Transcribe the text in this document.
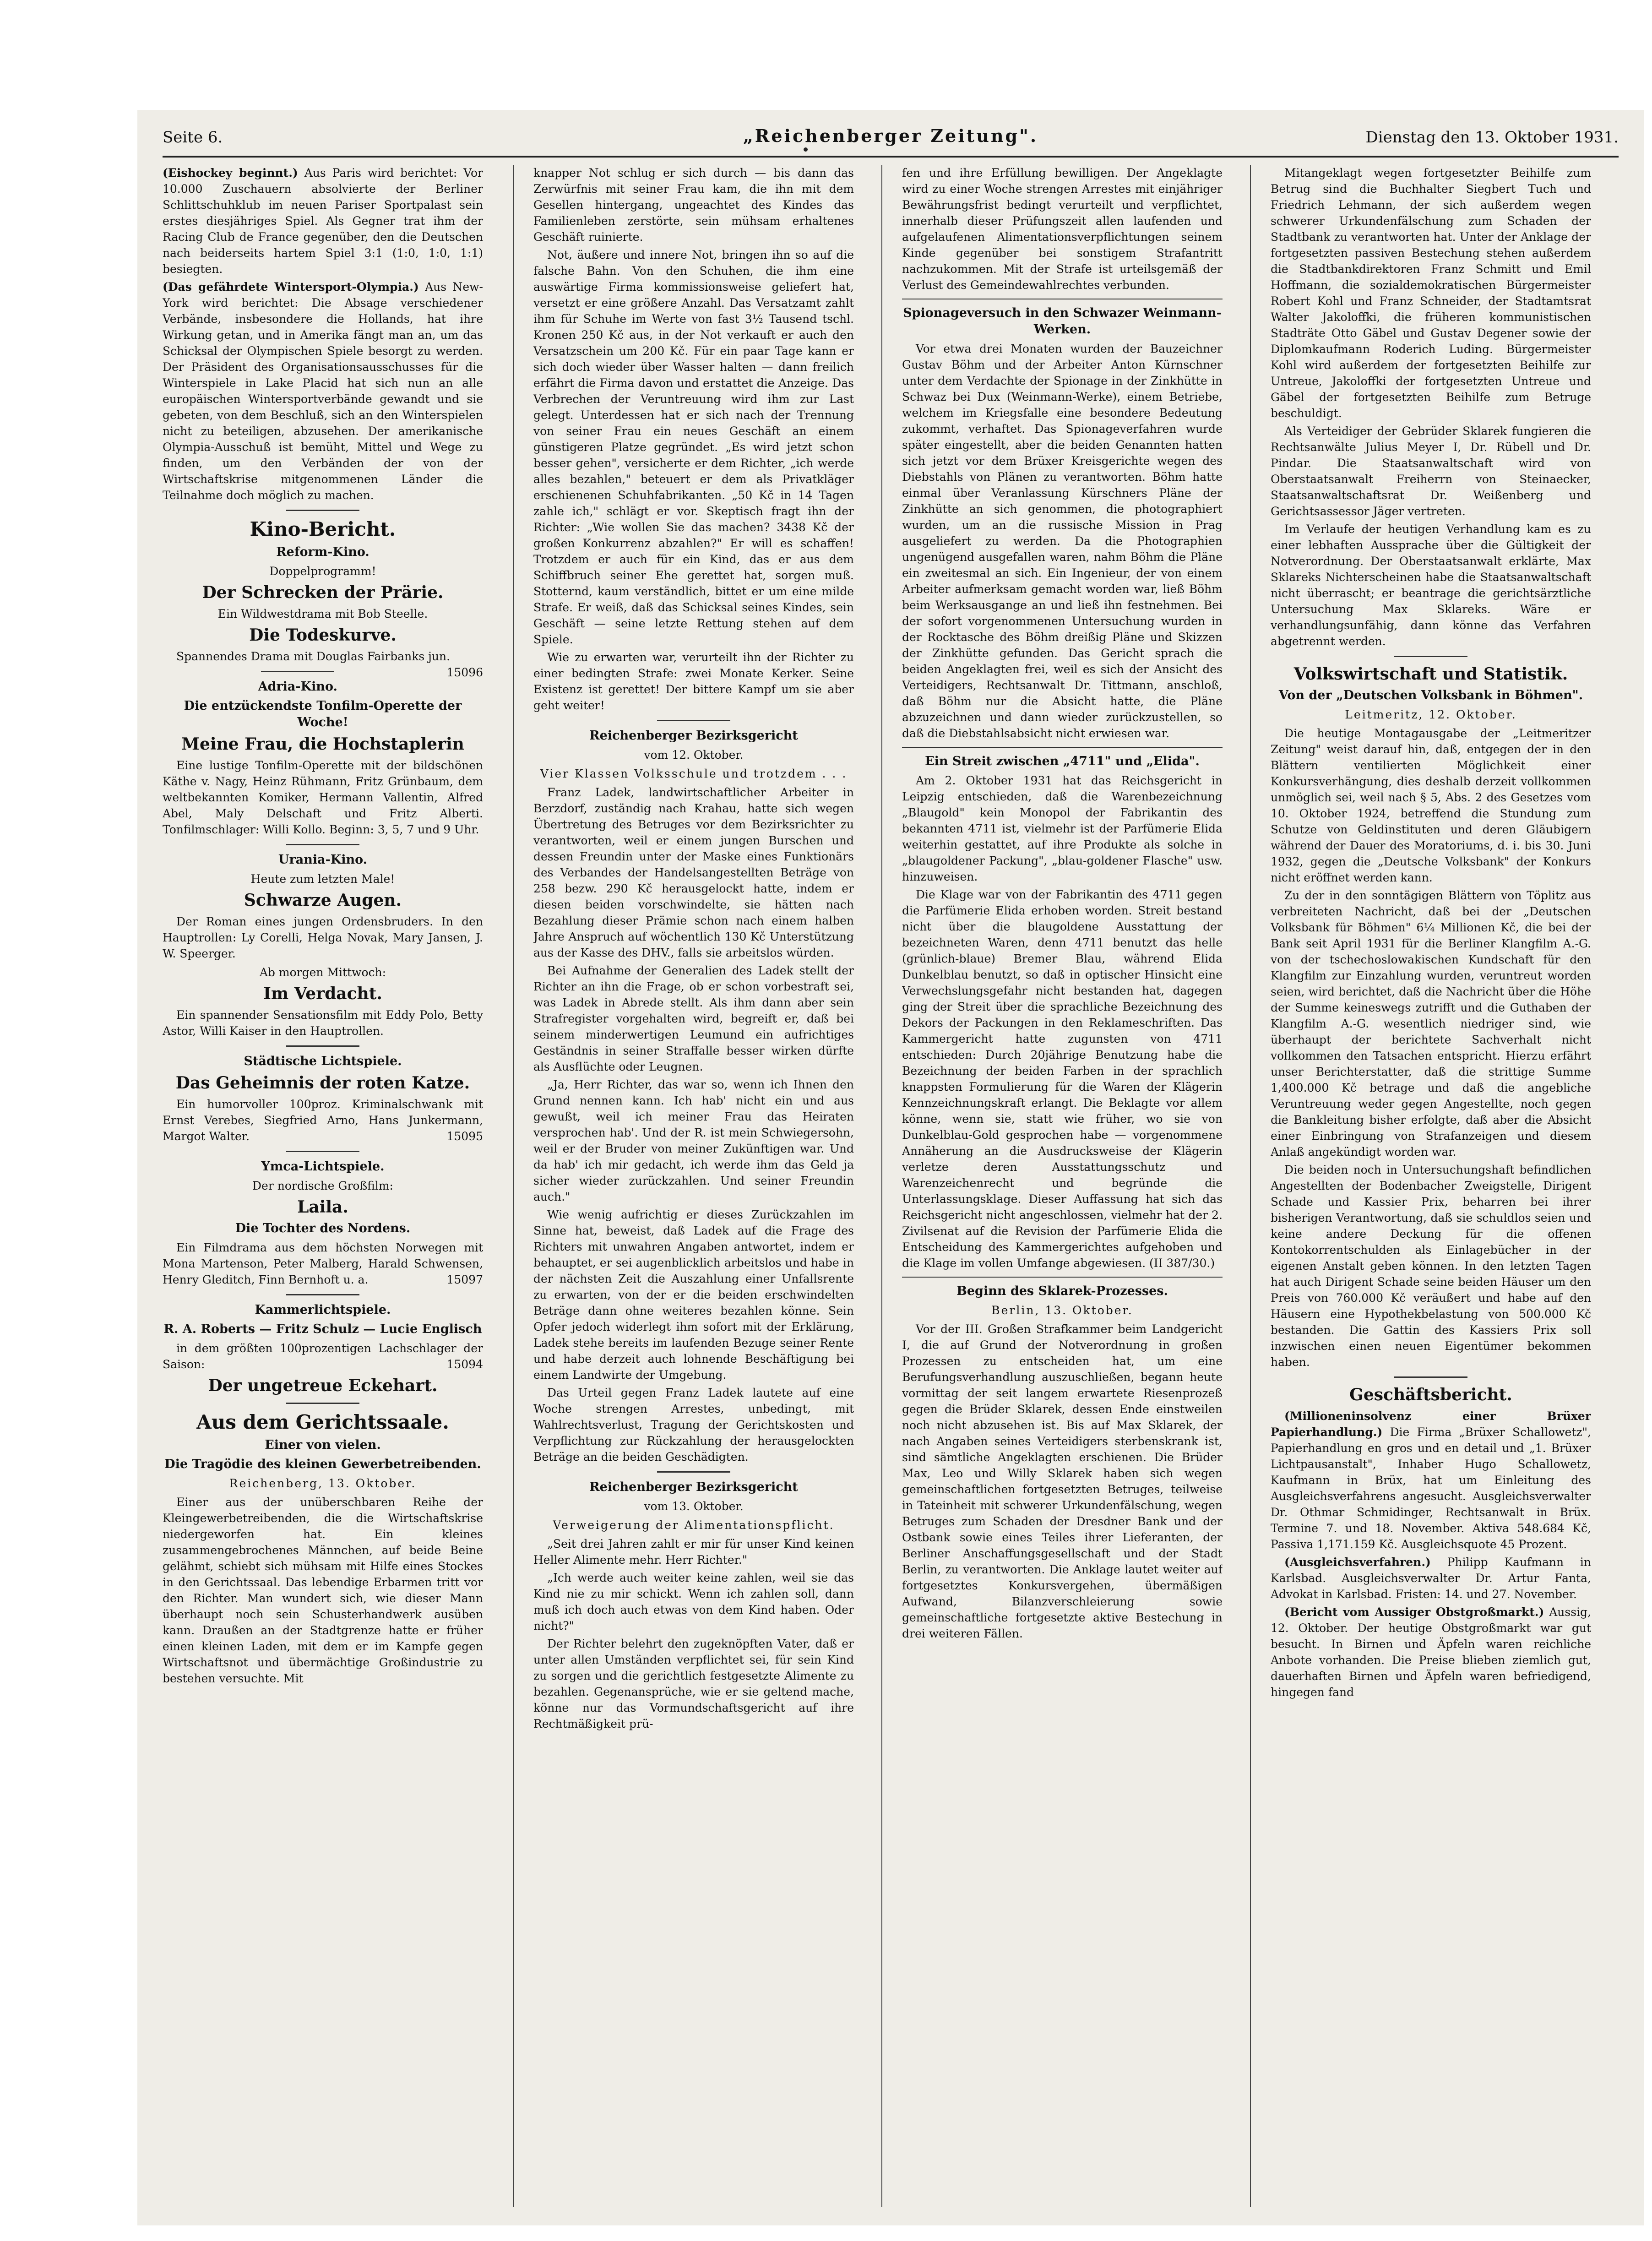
Seite 6.	„Reichenberger Zeitung".	Dienstag den 13. Oktober 1931.

(Eishockey beginnt.) Aus Paris wird berichtet: Vor 10.000 Zuschauern absolvierte der Berliner Schlittschuhklub im neuen Pariser Sportpalast sein erstes diesjähriges Spiel. Als Gegner trat ihm der Racing Club de France gegenüber, den die Deutschen nach beiderseits hartem Spiel 3:1 (1:0, 1:0, 1:1) besiegten.

(Das gefährdete Wintersport-Olympia.) Aus New-York wird berichtet: Die Absage verschiedener Verbände, insbesondere die Hollands, hat ihre Wirkung getan, und in Amerika fängt man an, um das Schicksal der Olympischen Spiele besorgt zu werden. Der Präsident des Organisationsausschusses für die Winterspiele in Lake Placid hat sich nun an alle europäischen Wintersportverbände gewandt und sie gebeten, von dem Beschluß, sich an den Winterspielen nicht zu beteiligen, abzusehen. Der amerikanische Olympia-Ausschuß ist bemüht, Mittel und Wege zu finden, um den Verbänden der von der Wirtschaftskrise mitgenommenen Länder die Teilnahme doch möglich zu machen.

Kino-Bericht.
Reform-Kino.
Doppelprogramm!
Der Schrecken der Prärie.
Ein Wildwestdrama mit Bob Steelle.
Die Todeskurve.

Spannendes Drama mit Douglas Fairbanks jun.
15096

Adria-Kino.
Die entzückendste Tonfilm-Operette der Woche!
Meine Frau, die Hochstaplerin

Eine lustige Tonfilm-Operette mit der bildschönen Käthe v. Nagy, Heinz Rühmann, Fritz Grünbaum, dem weltbekannten Komiker, Hermann Vallentin, Alfred Abel, Maly Delschaft und Fritz Alberti. Tonfilmschlager: Willi Kollo. Beginn: 3, 5, 7 und 9 Uhr.

Urania-Kino.
Heute zum letzten Male!
Schwarze Augen.

Der Roman eines jungen Ordensbruders. In den Hauptrollen: Ly Corelli, Helga Novak, Mary Jansen, J. W. Speerger.

Ab morgen Mittwoch:
Im Verdacht.

Ein spannender Sensationsfilm mit Eddy Polo, Betty Astor, Willi Kaiser in den Hauptrollen.

Städtische Lichtspiele.
Das Geheimnis der roten Katze.

Ein humorvoller 100proz. Kriminalschwank mit Ernst Verebes, Siegfried Arno, Hans Junkermann, Margot Walter.	15095

Ymca-Lichtspiele.
Der nordische Großfilm:
Laila.
Die Tochter des Nordens.

Ein Filmdrama aus dem höchsten Norwegen mit Mona Martenson, Peter Malberg, Harald Schwensen, Henry Gleditch, Finn Bernhoft u. a.	15097

Kammerlichtspiele.
R. A. Roberts — Fritz Schulz — Lucie Englisch

in dem größten 100prozentigen Lachschlager der Saison:	15094

Der ungetreue Eckehart.
Aus dem Gerichtssaale.
Einer von vielen.
Die Tragödie des kleinen Gewerbetreibenden.
Reichenberg, 13. Oktober.

Einer aus der unüberschbaren Reihe der Kleingewerbetreibenden, die die Wirtschaftskrise niedergeworfen hat. Ein kleines zusammengebrochenes Männchen, auf beide Beine gelähmt, schiebt sich mühsam mit Hilfe eines Stockes in den Gerichtssaal. Das lebendige Erbarmen tritt vor den Richter. Man wundert sich, wie dieser Mann überhaupt noch sein Schusterhandwerk ausüben kann. Draußen an der Stadtgrenze hatte er früher einen kleinen Laden, mit dem er im Kampfe gegen Wirtschaftsnot und übermächtige Großindustrie zu bestehen versuchte. Mit

knapper Not schlug er sich durch — bis dann das Zerwürfnis mit seiner Frau kam, die ihn mit dem Gesellen hintergang, ungeachtet des Kindes das Familienleben zerstörte, sein mühsam erhaltenes Geschäft ruinierte.

Not, äußere und innere Not, bringen ihn so auf die falsche Bahn. Von den Schuhen, die ihm eine auswärtige Firma kommissionsweise geliefert hat, versetzt er eine größere Anzahl. Das Versatzamt zahlt ihm für Schuhe im Werte von fast 3½ Tausend tschl. Kronen 250 Kč aus, in der Not verkauft er auch den Versatzschein um 200 Kč. Für ein paar Tage kann er sich doch wieder über Wasser halten — dann freilich erfährt die Firma davon und erstattet die Anzeige. Das Verbrechen der Veruntreuung wird ihm zur Last gelegt. Unterdessen hat er sich nach der Trennung von seiner Frau ein neues Geschäft an einem günstigeren Platze gegründet. „Es wird jetzt schon besser gehen", versicherte er dem Richter, „ich werde alles bezahlen," beteuert er dem als Privatkläger erschienenen Schuhfabrikanten. „50 Kč in 14 Tagen zahle ich," schlägt er vor. Skeptisch fragt ihn der Richter: „Wie wollen Sie das machen? 3438 Kč der großen Konkurrenz abzahlen?" Er will es schaffen! Trotzdem er auch für ein Kind, das er aus dem Schiffbruch seiner Ehe gerettet hat, sorgen muß. Stotternd, kaum verständlich, bittet er um eine milde Strafe. Er weiß, daß das Schicksal seines Kindes, sein Geschäft — seine letzte Rettung stehen auf dem Spiele.

Wie zu erwarten war, verurteilt ihn der Richter zu einer bedingten Strafe: zwei Monate Kerker. Seine Existenz ist gerettet! Der bittere Kampf um sie aber geht weiter!

Reichenberger Bezirksgericht
vom 12. Oktober.
Vier Klassen Volksschule und trotzdem . . .

Franz Ladek, landwirtschaftlicher Arbeiter in Berzdorf, zuständig nach Krahau, hatte sich wegen Übertretung des Betruges vor dem Bezirksrichter zu verantworten, weil er einem jungen Burschen und dessen Freundin unter der Maske eines Funktionärs des Verbandes der Handelsangestellten Beträge von 258 bezw. 290 Kč herausgelockt hatte, indem er diesen beiden vorschwindelte, sie hätten nach Bezahlung dieser Prämie schon nach einem halben Jahre Anspruch auf wöchentlich 130 Kč Unterstützung aus der Kasse des DHV., falls sie arbeitslos würden.

Bei Aufnahme der Generalien des Ladek stellt der Richter an ihn die Frage, ob er schon vorbestraft sei, was Ladek in Abrede stellt. Als ihm dann aber sein Strafregister vorgehalten wird, begreift er, daß bei seinem minderwertigen Leumund ein aufrichtiges Geständnis in seiner Straffalle besser wirken dürfte als Ausflüchte oder Leugnen.

„Ja, Herr Richter, das war so, wenn ich Ihnen den Grund nennen kann. Ich hab' nicht ein und aus gewußt, weil ich meiner Frau das Heiraten versprochen hab'. Und der R. ist mein Schwiegersohn, weil er der Bruder von meiner Zukünftigen war. Und da hab' ich mir gedacht, ich werde ihm das Geld ja sicher wieder zurückzahlen. Und seiner Freundin auch."

Wie wenig aufrichtig er dieses Zurückzahlen im Sinne hat, beweist, daß Ladek auf die Frage des Richters mit unwahren Angaben antwortet, indem er behauptet, er sei augenblicklich arbeitslos und habe in der nächsten Zeit die Auszahlung einer Unfallsrente zu erwarten, von der er die beiden erschwindelten Beträge dann ohne weiteres bezahlen könne. Sein Opfer jedoch widerlegt ihm sofort mit der Erklärung, Ladek stehe bereits im laufenden Bezuge seiner Rente und habe derzeit auch lohnende Beschäftigung bei einem Landwirte der Umgebung.

Das Urteil gegen Franz Ladek lautete auf eine Woche strengen Arrestes, unbedingt, mit Wahlrechtsverlust, Tragung der Gerichtskosten und Verpflichtung zur Rückzahlung der herausgelockten Beträge an die beiden Geschädigten.

Reichenberger Bezirksgericht
vom 13. Oktober.
Verweigerung der Alimentationspflicht.

„Seit drei Jahren zahlt er mir für unser Kind keinen Heller Alimente mehr. Herr Richter."

„Ich werde auch weiter keine zahlen, weil sie das Kind nie zu mir schickt. Wenn ich zahlen soll, dann muß ich doch auch etwas von dem Kind haben. Oder nicht?"

Der Richter belehrt den zugeknöpften Vater, daß er unter allen Umständen verpflichtet sei, für sein Kind zu sorgen und die gerichtlich festgesetzte Alimente zu bezahlen. Gegenansprüche, wie er sie geltend mache, könne nur das Vormundschaftsgericht auf ihre Rechtmäßigkeit prü-

fen und ihre Erfüllung bewilligen. Der Angeklagte wird zu einer Woche strengen Arrestes mit einjähriger Bewährungsfrist bedingt verurteilt und verpflichtet, innerhalb dieser Prüfungszeit allen laufenden und aufgelaufenen Alimentationsverpflichtungen seinem Kinde gegenüber bei sonstigem Strafantritt nachzukommen. Mit der Strafe ist urteilsgemäß der Verlust des Gemeindewahlrechtes verbunden.

Spionageversuch in den Schwazer Weinmann-Werken.

Vor etwa drei Monaten wurden der Bauzeichner Gustav Böhm und der Arbeiter Anton Kürnschner unter dem Verdachte der Spionage in der Zinkhütte in Schwaz bei Dux (Weinmann-Werke), einem Betriebe, welchem im Kriegsfalle eine besondere Bedeutung zukommt, verhaftet. Das Spionageverfahren wurde später eingestellt, aber die beiden Genannten hatten sich jetzt vor dem Brüxer Kreisgerichte wegen des Diebstahls von Plänen zu verantworten. Böhm hatte einmal über Veranlassung Kürschners Pläne der Zinkhütte an sich genommen, die photographiert wurden, um an die russische Mission in Prag ausgeliefert zu werden. Da die Photographien ungenügend ausgefallen waren, nahm Böhm die Pläne ein zweitesmal an sich. Ein Ingenieur, der von einem Arbeiter aufmerksam gemacht worden war, ließ Böhm beim Werksausgange an und ließ ihn festnehmen. Bei der sofort vorgenommenen Untersuchung wurden in der Rocktasche des Böhm dreißig Pläne und Skizzen der Zinkhütte gefunden. Das Gericht sprach die beiden Angeklagten frei, weil es sich der Ansicht des Verteidigers, Rechtsanwalt Dr. Tittmann, anschloß, daß Böhm nur die Absicht hatte, die Pläne abzuzeichnen und dann wieder zurückzustellen, so daß die Diebstahlsabsicht nicht erwiesen war.

Ein Streit zwischen „4711" und „Elida".

Am 2. Oktober 1931 hat das Reichsgericht in Leipzig entschieden, daß die Warenbezeichnung „Blaugold" kein Monopol der Fabrikantin des bekannten 4711 ist, vielmehr ist der Parfümerie Elida weiterhin gestattet, auf ihre Produkte als solche in „blaugoldener Packung", „blau-goldener Flasche" usw. hinzuweisen.

Die Klage war von der Fabrikantin des 4711 gegen die Parfümerie Elida erhoben worden. Streit bestand nicht über die blaugoldene Ausstattung der bezeichneten Waren, denn 4711 benutzt das helle (grünlich-blaue) Bremer Blau, während Elida Dunkelblau benutzt, so daß in optischer Hinsicht eine Verwechslungsgefahr nicht bestanden hat, dagegen ging der Streit über die sprachliche Bezeichnung des Dekors der Packungen in den Reklameschriften. Das Kammergericht hatte zugunsten von 4711 entschieden: Durch 20jährige Benutzung habe die Bezeichnung der beiden Farben in der sprachlich knappsten Formulierung für die Waren der Klägerin Kennzeichnungskraft erlangt. Die Beklagte vor allem könne, wenn sie, statt wie früher, wo sie von Dunkelblau-Gold gesprochen habe — vorgenommene Annäherung an die Ausdrucksweise der Klägerin verletze deren Ausstattungsschutz und Warenzeichenrecht und begründe die Unterlassungsklage. Dieser Auffassung hat sich das Reichsgericht nicht angeschlossen, vielmehr hat der 2. Zivilsenat auf die Revision der Parfümerie Elida die Entscheidung des Kammergerichtes aufgehoben und die Klage im vollen Umfange abgewiesen. (II 387/30.)

Beginn des Sklarek-Prozesses.
Berlin, 13. Oktober.

Vor der III. Großen Strafkammer beim Landgericht I, die auf Grund der Notverordnung in großen Prozessen zu entscheiden hat, um eine Berufungsverhandlung auszuschließen, begann heute vormittag der seit langem erwartete Riesenprozeß gegen die Brüder Sklarek, dessen Ende einstweilen noch nicht abzusehen ist. Bis auf Max Sklarek, der nach Angaben seines Verteidigers sterbenskrank ist, sind sämtliche Angeklagten erschienen. Die Brüder Max, Leo und Willy Sklarek haben sich wegen gemeinschaftlichen fortgesetzten Betruges, teilweise in Tateinheit mit schwerer Urkundenfälschung, wegen Betruges zum Schaden der Dresdner Bank und der Ostbank sowie eines Teiles ihrer Lieferanten, der Berliner Anschaffungsgesellschaft und der Stadt Berlin, zu verantworten. Die Anklage lautet weiter auf fortgesetztes Konkursvergehen, übermäßigen Aufwand, Bilanzverschleierung sowie gemeinschaftliche fortgesetzte aktive Bestechung in drei weiteren Fällen.

Mitangeklagt wegen fortgesetzter Beihilfe zum Betrug sind die Buchhalter Siegbert Tuch und Friedrich Lehmann, der sich außerdem wegen schwerer Urkundenfälschung zum Schaden der Stadtbank zu verantworten hat. Unter der Anklage der fortgesetzten passiven Bestechung stehen außerdem die Stadtbankdirektoren Franz Schmitt und Emil Hoffmann, die sozialdemokratischen Bürgermeister Robert Kohl und Franz Schneider, der Stadtamtsrat Walter Jakoloffki, die früheren kommunistischen Stadträte Otto Gäbel und Gustav Degener sowie der Diplomkaufmann Roderich Luding. Bürgermeister Kohl wird außerdem der fortgesetzten Beihilfe zur Untreue, Jakoloffki der fortgesetzten Untreue und Gäbel der fortgesetzten Beihilfe zum Betruge beschuldigt.

Als Verteidiger der Gebrüder Sklarek fungieren die Rechtsanwälte Julius Meyer I, Dr. Rübell und Dr. Pindar. Die Staatsanwaltschaft wird von Oberstaatsanwalt Freiherrn von Steinaecker, Staatsanwaltschaftsrat Dr. Weißenberg und Gerichtsassessor Jäger vertreten.

Im Verlaufe der heutigen Verhandlung kam es zu einer lebhaften Aussprache über die Gültigkeit der Notverordnung. Der Oberstaatsanwalt erklärte, Max Sklareks Nichterscheinen habe die Staatsanwaltschaft nicht überrascht; er beantrage die gerichtsärztliche Untersuchung Max Sklareks. Wäre er verhandlungsunfähig, dann könne das Verfahren abgetrennt werden.

Volkswirtschaft und Statistik.
Von der „Deutschen Volksbank in Böhmen".
Leitmeritz, 12. Oktober.

Die heutige Montagausgabe der „Leitmeritzer Zeitung" weist darauf hin, daß, entgegen der in den Blättern ventilierten Möglichkeit einer Konkursverhängung, dies deshalb derzeit vollkommen unmöglich sei, weil nach § 5, Abs. 2 des Gesetzes vom 10. Oktober 1924, betreffend die Stundung zum Schutze von Geldinstituten und deren Gläubigern während der Dauer des Moratoriums, d. i. bis 30. Juni 1932, gegen die „Deutsche Volksbank" der Konkurs nicht eröffnet werden kann.

Zu der in den sonntägigen Blättern von Töplitz aus verbreiteten Nachricht, daß bei der „Deutschen Volksbank für Böhmen" 6¼ Millionen Kč, die bei der Bank seit April 1931 für die Berliner Klangfilm A.-G. von der tschechoslowakischen Kundschaft für den Klangfilm zur Einzahlung wurden, veruntreut worden seien, wird berichtet, daß die Nachricht über die Höhe der Summe keineswegs zutrifft und die Guthaben der Klangfilm A.-G. wesentlich niedriger sind, wie überhaupt der berichtete Sachverhalt nicht vollkommen den Tatsachen entspricht. Hierzu erfährt unser Berichterstatter, daß die strittige Summe 1,400.000 Kč betrage und daß die angebliche Veruntreuung weder gegen Angestellte, noch gegen die Bankleitung bisher erfolgte, daß aber die Absicht einer Einbringung von Strafanzeigen und diesem Anlaß angekündigt worden war.

Die beiden noch in Untersuchungshaft befindlichen Angestellten der Bodenbacher Zweigstelle, Dirigent Schade und Kassier Prix, beharren bei ihrer bisherigen Verantwortung, daß sie schuldlos seien und keine andere Deckung für die offenen Kontokorrentschulden als Einlagebücher in der eigenen Anstalt geben können. In den letzten Tagen hat auch Dirigent Schade seine beiden Häuser um den Preis von 760.000 Kč veräußert und habe auf den Häusern eine Hypothekbelastung von 500.000 Kč bestanden. Die Gattin des Kassiers Prix soll inzwischen einen neuen Eigentümer bekommen haben.

Geschäftsbericht.

(Millioneninsolvenz einer Brüxer Papierhandlung.) Die Firma „Brüxer Schallowetz", Papierhandlung en gros und en detail und „1. Brüxer Lichtpausanstalt", Inhaber Hugo Schallowetz, Kaufmann in Brüx, hat um Einleitung des Ausgleichsverfahrens angesucht. Ausgleichsverwalter Dr. Othmar Schmidinger, Rechtsanwalt in Brüx. Termine 7. und 18. November. Aktiva 548.684 Kč, Passiva 1,171.159 Kč. Ausgleichsquote 45 Prozent.

(Ausgleichsverfahren.) Philipp Kaufmann in Karlsbad. Ausgleichsverwalter Dr. Artur Fanta, Advokat in Karlsbad. Fristen: 14. und 27. November.

(Bericht vom Aussiger Obstgroßmarkt.) Aussig, 12. Oktober. Der heutige Obstgroßmarkt war gut besucht. In Birnen und Äpfeln waren reichliche Anbote vorhanden. Die Preise blieben ziemlich gut, dauerhaften Birnen und Äpfeln waren befriedigend, hingegen fand
